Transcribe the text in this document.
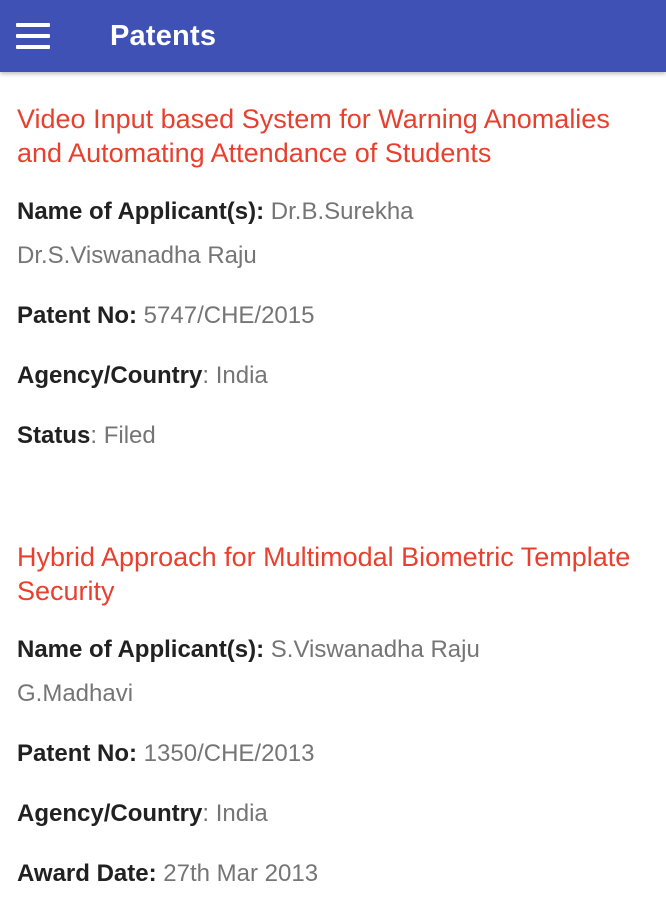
Patents
Video Input based System for Warning Anomalies and Automating Attendance of Students
Name of Applicant(s): Dr.B.Surekha
Dr.S.Viswanadha Raju
Patent No: 5747/CHE/2015
Agency/Country: India
Status: Filed
Hybrid Approach for Multimodal Biometric Template Security
Name of Applicant(s): S.Viswanadha Raju
G.Madhavi
Patent No: 1350/CHE/2013
Agency/Country: India
Award Date: 27th Mar 2013
